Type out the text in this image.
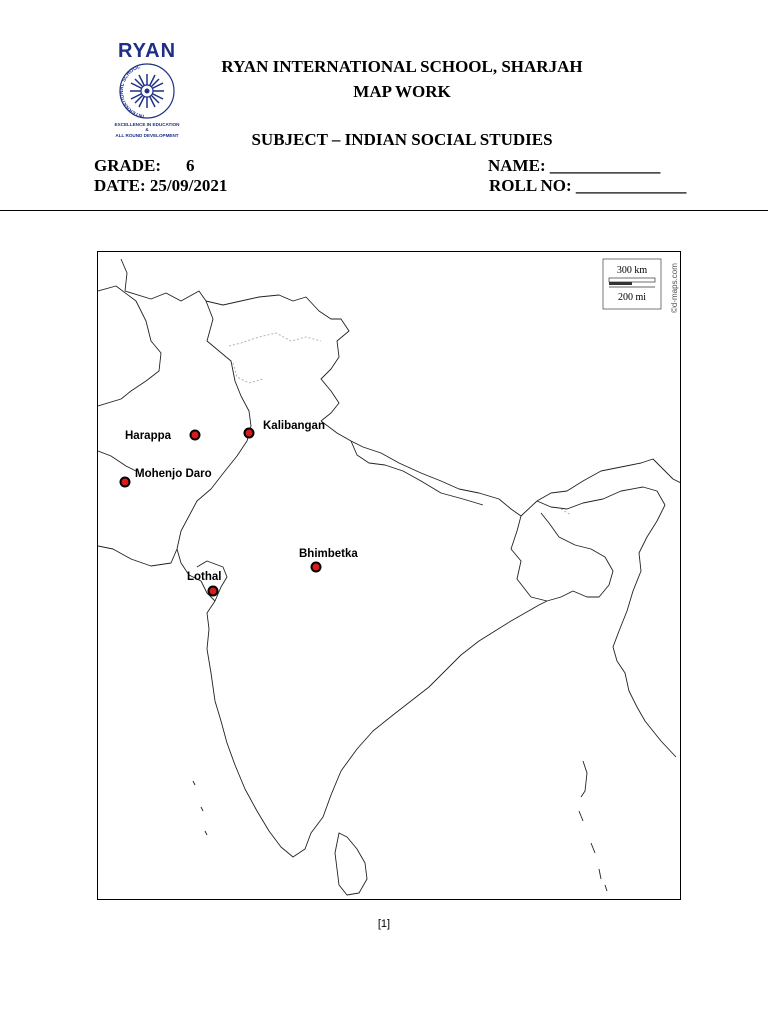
RYAN
INTERNATIONAL SCHOOL
EXCELLENCE IN EDUCATION
&
ALL ROUND DEVELOPMENT
RYAN INTERNATIONAL SCHOOL, SHARJAH
MAP WORK
SUBJECT – INDIAN SOCIAL STUDIES
GRADE: 6
DATE: 25/09/2021
NAME: _____________
ROLL NO: _____________
300 km
200 mi	©d-maps.com
Harappa
Kalibangan
Mohenjo Daro
Bhimbetka
Lothal
[1]
